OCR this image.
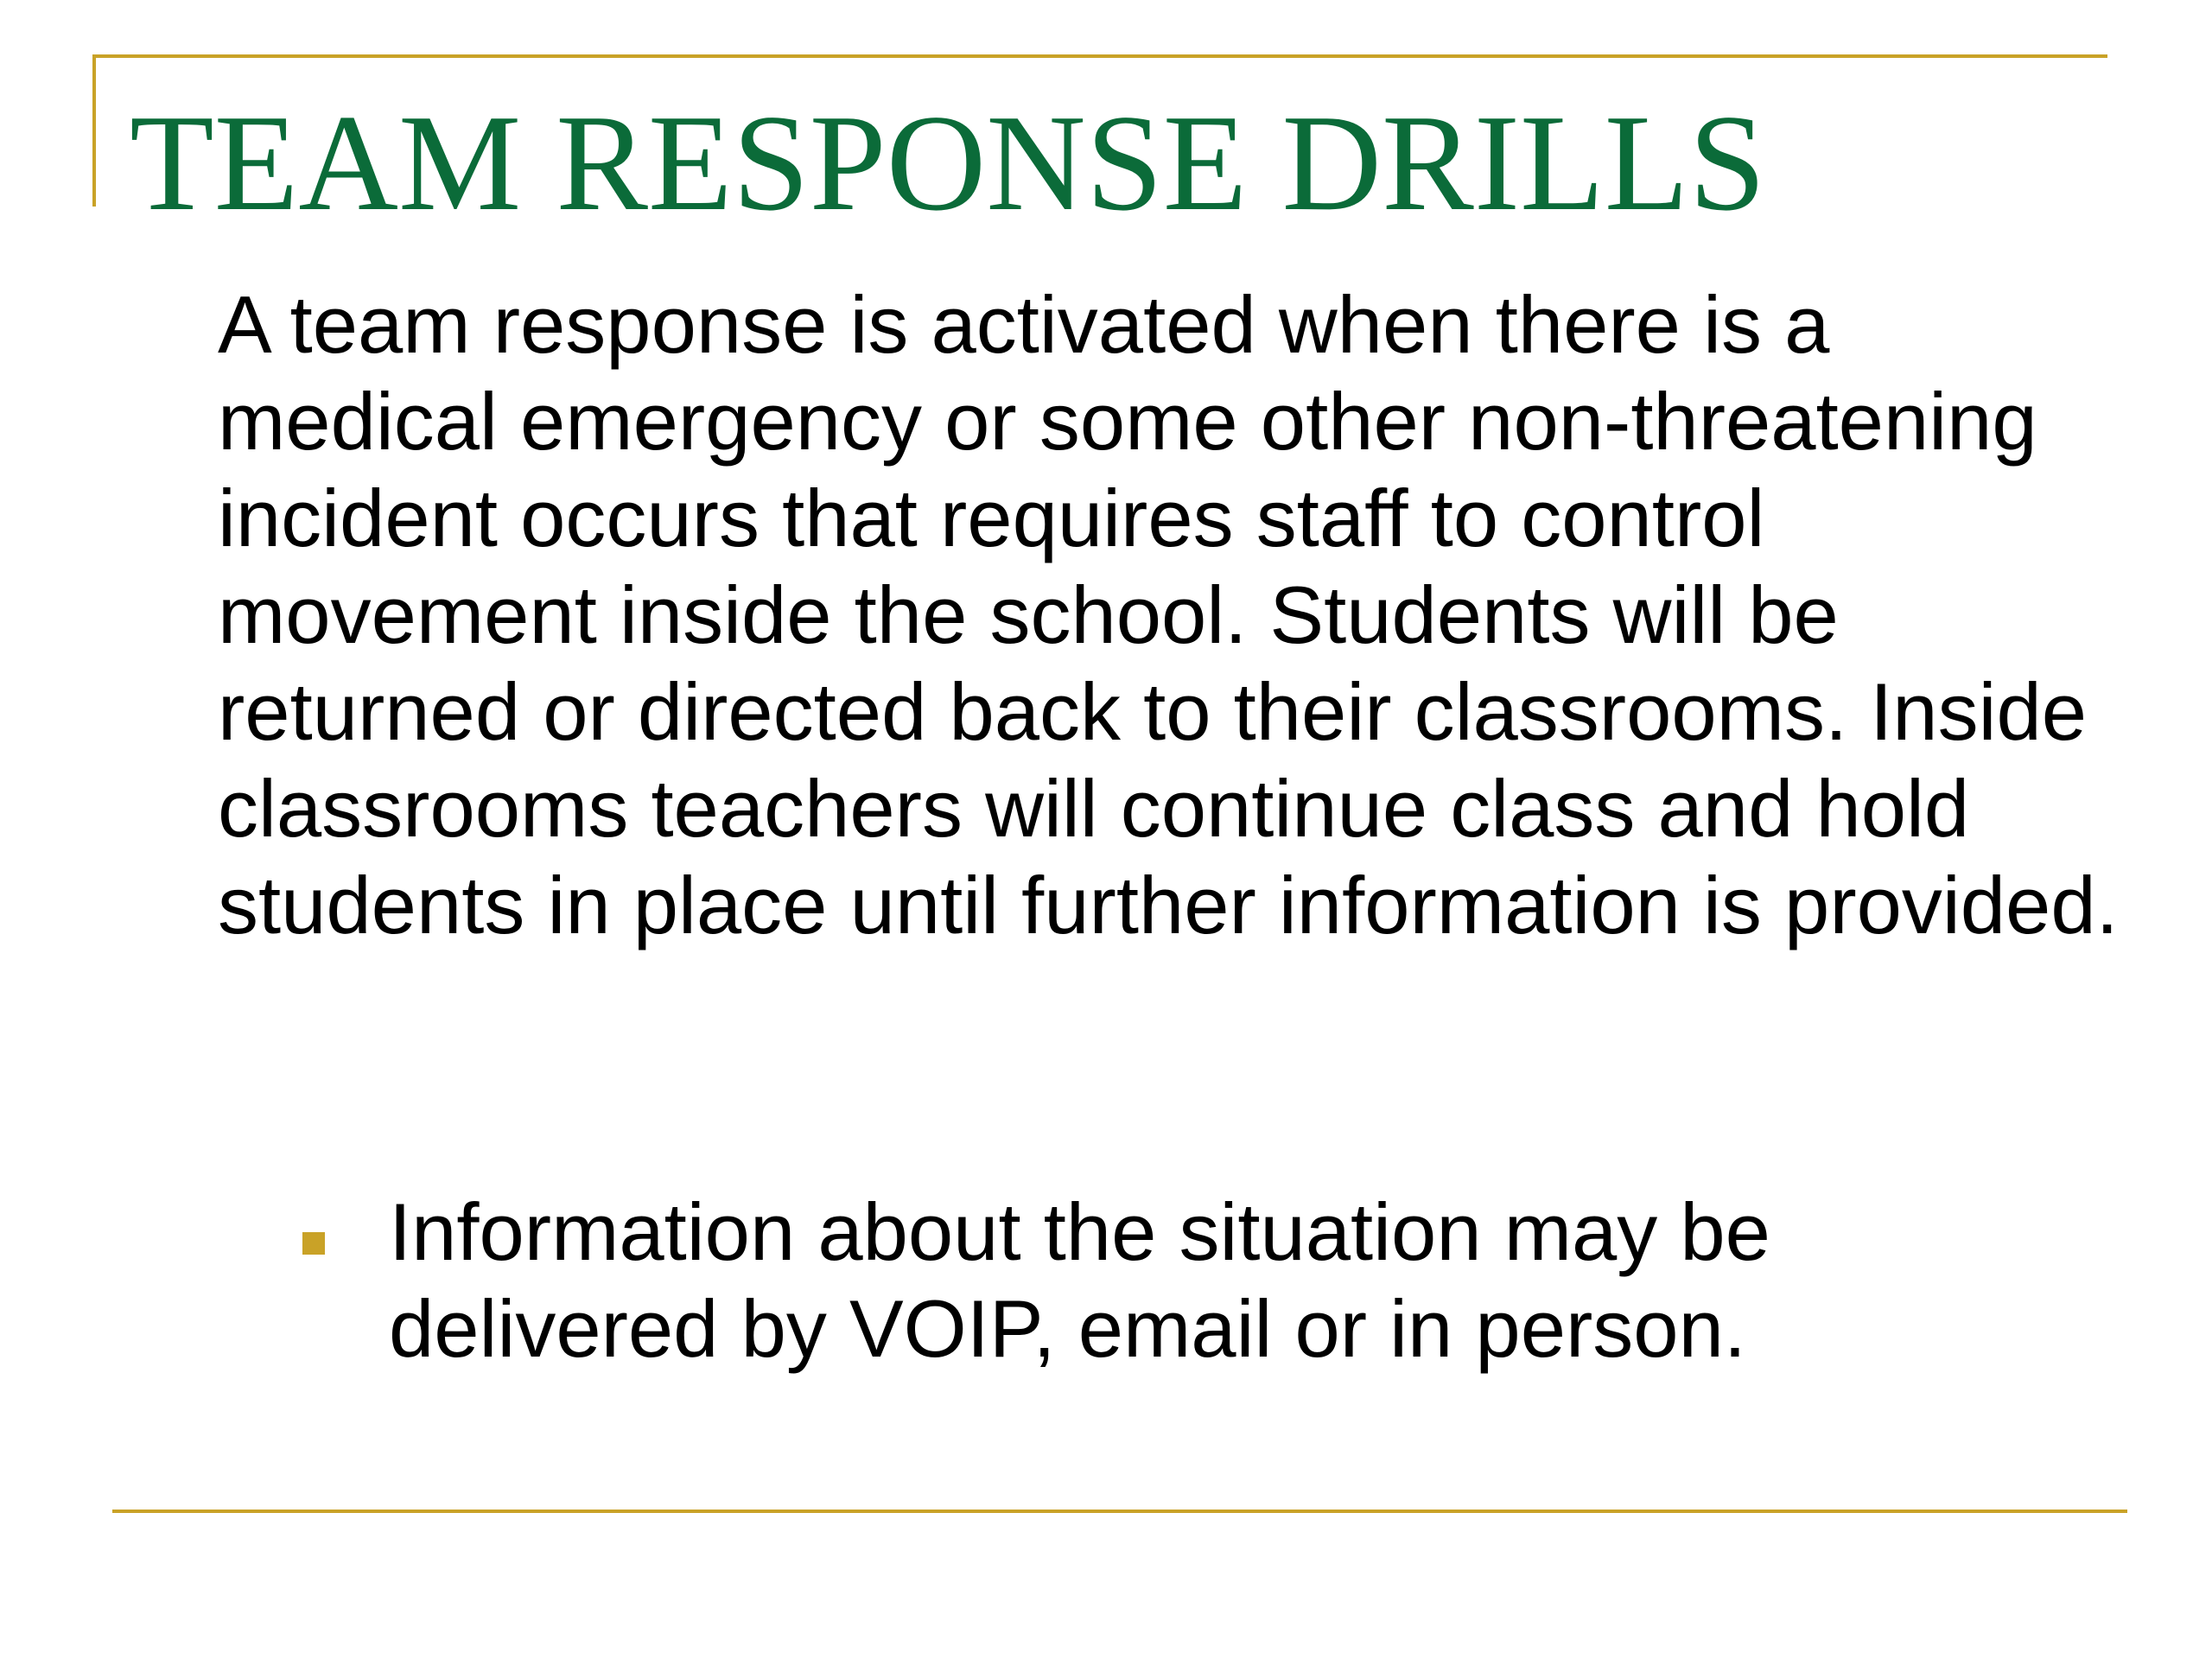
TEAM RESPONSE DRILLS

A team response is activated when there is a medical emergency or some other non-threatening incident occurs that requires staff to control movement inside the school. Students will be returned or directed back to their classrooms. Inside classrooms teachers will continue class and hold students in place until further information is provided.

Information about the situation may be delivered by VOIP, email or in person.
